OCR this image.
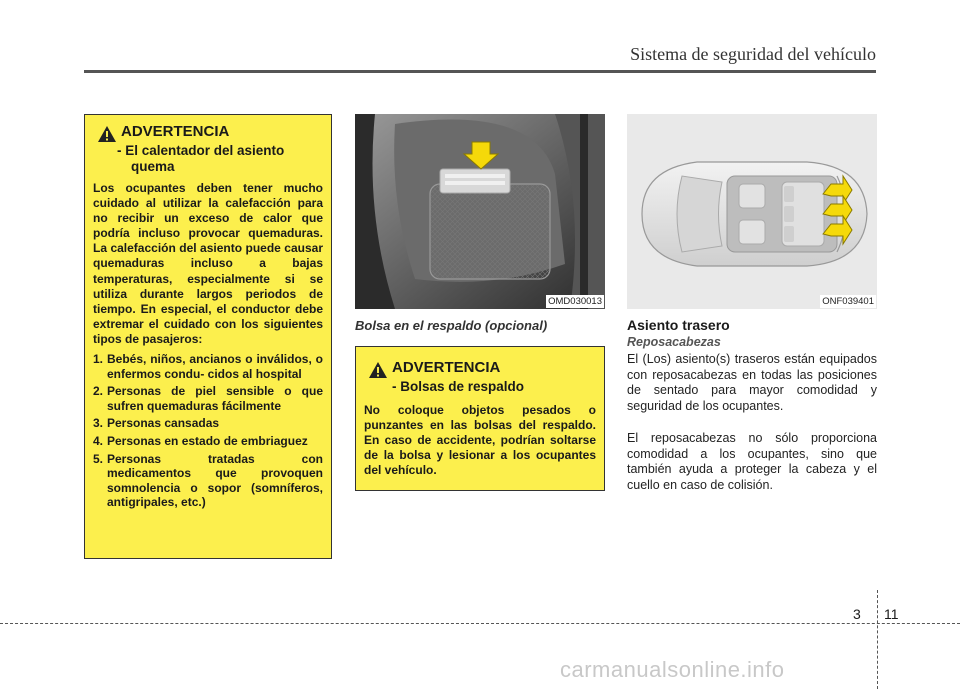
Sistema de seguridad del vehículo
ADVERTENCIA
- El calentador del asiento
quema
Los ocupantes deben tener mucho cuidado al utilizar la calefacción para no recibir un exceso de calor que podría incluso provocar quemaduras. La calefacción del asiento puede causar quemaduras incluso a bajas temperaturas, especialmente si se utiliza durante largos periodos de tiempo. En especial, el conductor debe extremar el cuidado con los siguientes tipos de pasajeros:
1. Bebés, niños, ancianos o inválidos, o enfermos condu- cidos al hospital
2. Personas de piel sensible o que sufren quemaduras fácilmente
3. Personas cansadas
4. Personas en estado de embriaguez
5. Personas tratadas con medicamentos que provoquen somnolencia o sopor (somníferos, antigripales, etc.)
OMD030013
Bolsa en el respaldo (opcional)
ADVERTENCIA
- Bolsas de respaldo
No coloque objetos pesados o punzantes en las bolsas del respaldo. En caso de accidente, podrían soltarse de la bolsa y lesionar a los ocupantes del vehículo.
ONF039401
Asiento trasero
Reposacabezas
El (Los) asiento(s) traseros están equipados con reposacabezas en todas las posiciones de sentado para mayor comodidad y seguridad de los ocupantes.
El reposacabezas no sólo proporciona comodidad a los ocupantes, sino que también ayuda a proteger la cabeza y el cuello en caso de colisión.
3 11
carmanualsonline.info
